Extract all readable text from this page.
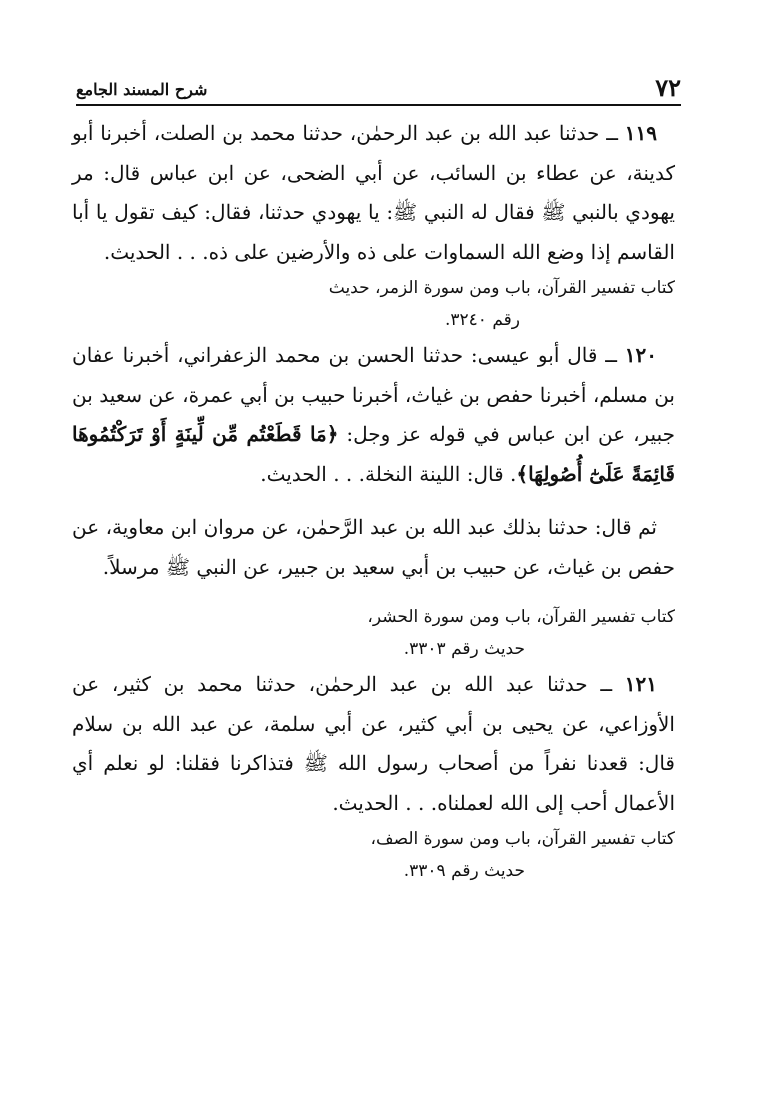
٧٢
شرح المسند الجامع

١١٩ ــ حدثنا عبد الله بن عبد الرحمٰن، حدثنا محمد بن الصلت، أخبرنا أبو كدينة، عن عطاء بن السائب، عن أبي الضحى، عن ابن عباس قال: مر يهودي بالنبي ﷺ فقال له النبي ﷺ: يا يهودي حدثنا، فقال: كيف تقول يا أبا القاسم إذا وضع الله السماوات على ذه والأرضين على ذه. . . الحديث.

كتاب تفسير القرآن، باب ومن سورة الزمر، حديث
رقم ٣٢٤٠.

١٢٠ ــ قال أبو عيسى: حدثنا الحسن بن محمد الزعفراني، أخبرنا عفان بن مسلم، أخبرنا حفص بن غياث، أخبرنا حبيب بن أبي عمرة، عن سعيد بن جبير، عن ابن عباس في قوله عز وجل: ﴿مَا قَطَعْتُم مِّن لِّينَةٍ أَوْ تَرَكْتُمُوهَا قَائِمَةً عَلَىٰٓ أُصُولِهَا﴾. قال: اللينة النخلة. . . الحديث.

ثم قال: حدثنا بذلك عبد الله بن عبد الرَّحمٰن، عن مروان ابن معاوية، عن حفص بن غياث، عن حبيب بن أبي سعيد بن جبير، عن النبي ﷺ مرسلاً.

كتاب تفسير القرآن، باب ومن سورة الحشر،
حديث رقم ٣٣٠٣.

١٢١ ــ حدثنا عبد الله بن عبد الرحمٰن، حدثنا محمد بن كثير، عن الأوزاعي، عن يحيى بن أبي كثير، عن أبي سلمة، عن عبد الله بن سلام قال: قعدنا نفراً من أصحاب رسول الله ﷺ فتذاكرنا فقلنا: لو نعلم أي الأعمال أحب إلى الله لعملناه. . . الحديث.

كتاب تفسير القرآن، باب ومن سورة الصف،
حديث رقم ٣٣٠٩.
